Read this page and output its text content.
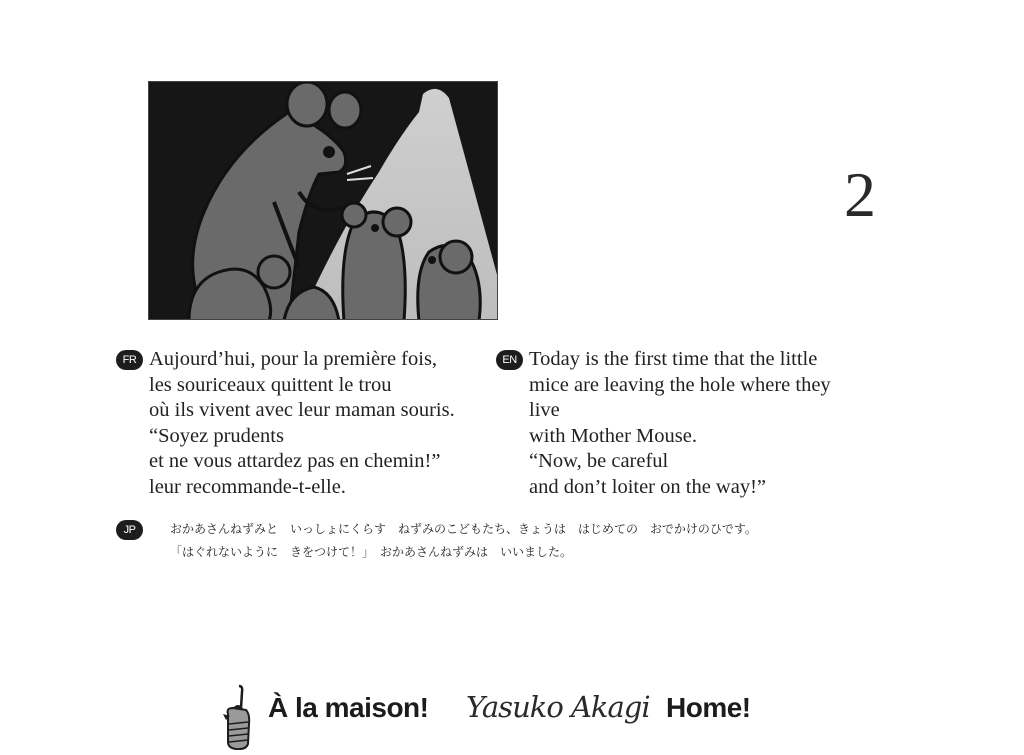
2
FR Aujourd’hui, pour la première fois,
les souriceaux quittent le trou
où ils vivent avec leur maman souris.
“Soyez prudents
et ne vous attardez pas en chemin!”
leur recommande-t-elle.
EN Today is the first time that the little
mice are leaving the hole where they
live
with Mother Mouse.
“Now, be careful
and don’t loiter on the way!”
JP	おかあさんねずみと　いっしょにくらす　ねずみのこどもたち、きょうは　はじめての　おでかけのひです。
「はぐれないように　きをつけて！」　おかあさんねずみは　いいました。
À la maison! Yasuko Akagi Home!
